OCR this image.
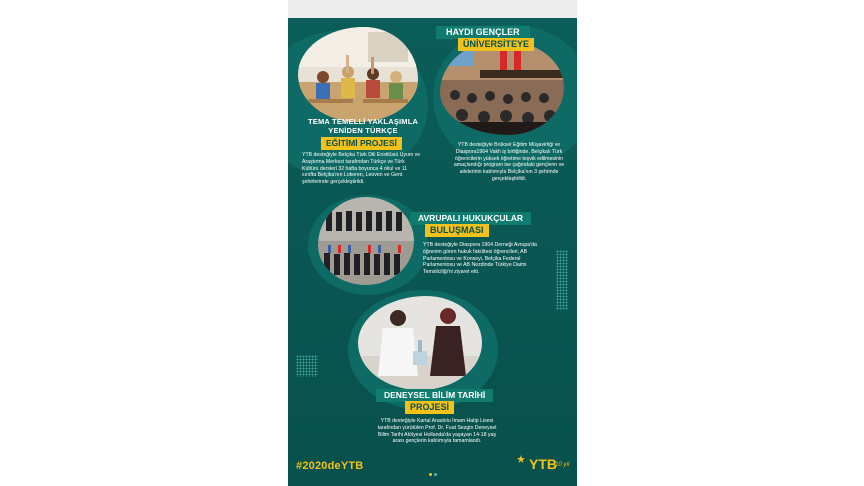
HAYDI GENÇLER
ÜNİVERSİTEYE
YTB desteğiyle Brüksel Eğitim Müşavirliği ve Diaspora1964 Vakfı iş birliğinde, Belçikalı Türk öğrencilerin yüksek öğretime teşvik edilmesinin amaçlandığı program ise çağındaki gençlerin ve ailelerinin katılımıyla Belçika'nın 3 şehrinde gerçekleştirildi.
TEMA TEMELLİ YAKLAŞIMLA
YENİDEN TÜRKÇE
EĞİTİMİ PROJESİ
YTB desteğiyle Belçika Türk Dili Enstitüsü Uyum ve Araştırma Merkezi tarafından Türkçe ve Türk Kültürü dersleri 32 hafta boyunca 4 okul ve 11 sınıfta Belçika'nın Lokeren, Leuven ve Gent şehirlerinde gerçekleştirildi.
AVRUPALI HUKUKÇULAR
BULUŞMASI
YTB desteğiyle Diaspora 1964 Derneği Avrupa'da öğrenim gören hukuk fakültesi öğrencileri, AB Parlamentosu ve Konseyi, Belçika Federal Parlamentosu ve AB Nezdinde Türkiye Daimi Temsilciliği'ni ziyaret etti.
DENEYSEL BİLİM TARİHİ
PROJESİ
YTB desteğiyle Kartal Anadolu İmam Hatip Lisesi tarafından yürütülen Prof. Dr. Fuat Sezgin Deneysel Bilim Tarihi Atölyesi Hollanda'da yaşayan 14-18 yaş arası gençlerin katılımıyla tamamlandı.
#2020deYTB	YTB
10 yıl
